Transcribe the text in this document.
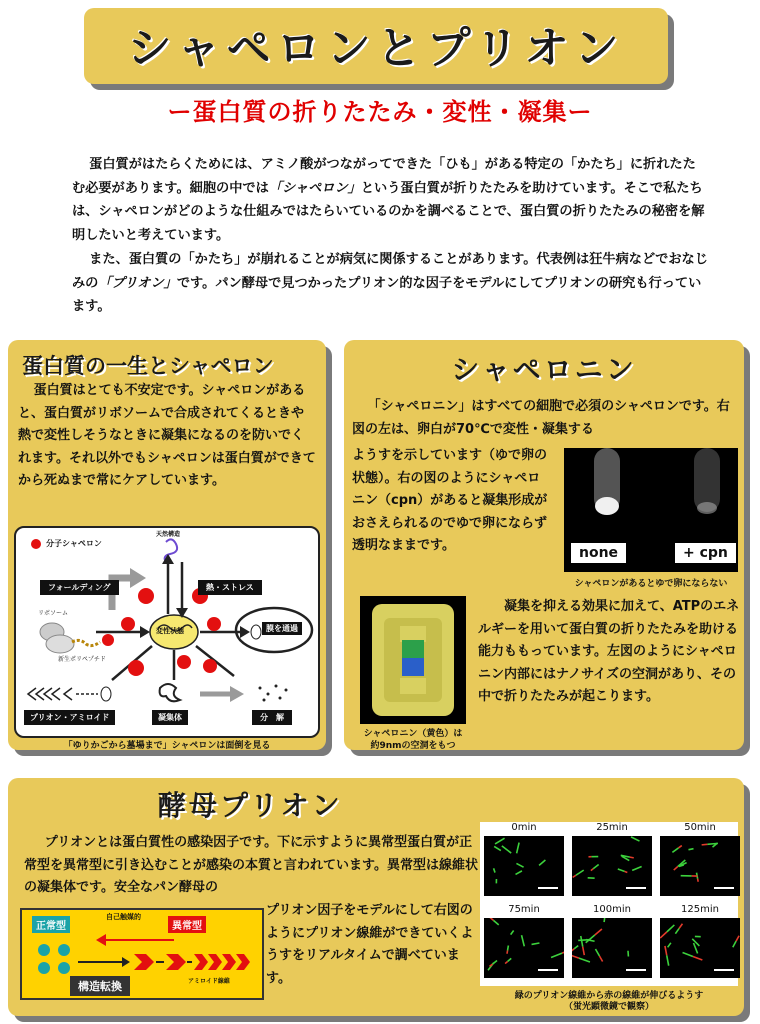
シャペロンとプリオン
ー蛋白質の折りたたみ・変性・凝集ー

蛋白質がはたらくためには、アミノ酸がつながってできた「ひも」がある特定の「かたち」に折れたたむ必要があります。細胞の中では「シャペロン」という蛋白質が折りたたみを助けています。そこで私たちは、シャペロンがどのような仕組みではたらいているのかを調べることで、蛋白質の折りたたみの秘密を解明したいと考えています。

また、蛋白質の「かたち」が崩れることが病気に関係することがあります。代表例は狂牛病などでおなじみの「プリオン」です。パン酵母で見つかったプリオン的な因子をモデルにしてプリオンの研究も行っています。

蛋白質の一生とシャペロン

蛋白質はとても不安定です。シャペロンがあると、蛋白質がリボソームで合成されてくるときや熱で変性しそうなときに凝集になるのを防いでくれます。それ以外でもシャペロンは蛋白質ができてから死ぬまで常にケアしています。

分子シャペロン
天然構造
フォールディング	熱・ストレス
リボソーム
新生ポリペプチド
変性状態	膜を通過
プリオン・アミロイド	凝集体	分　解

「ゆりかごから墓場まで」シャペロンは面倒を見る

シャペロニン

「シャペロニン」はすべての細胞で必須のシャペロンです。右図の左は、卵白が70℃で変性・凝集する

ようすを示しています（ゆで卵の状態）。右の図のようにシャペロニン（cpn）があると凝集形成がおさえられるのでゆで卵にならず透明なままです。	none	+ cpn

シャペロンがあるとゆで卵にならない

シャペロニン（黄色）は

約9nmの空洞をもつ

凝集を抑える効果に加えて、ATPのエネルギーを用いて蛋白質の折りたたみを助ける能力ももっています。左図のようにシャペロニン内部にはナノサイズの空洞があり、その中で折りたたみが起こります。

酵母プリオン

プリオンとは蛋白質性の感染因子です。下に示すように異常型蛋白質が正常型を異常型に引き込むことが感染の本質と言われています。異常型は線維状の凝集体です。安全なパン酵母の

正常型
自己触媒的
異常型
構造転換	アミロイド線維

プリオン因子をモデルにして右図のようにプリオン線維ができていくようすをリアルタイムで調べています。

0min	25min	50min
75min	100min	125min

緑のプリオン線維から赤の線維が伸びるようす

（蛍光顕微鏡で観察）
